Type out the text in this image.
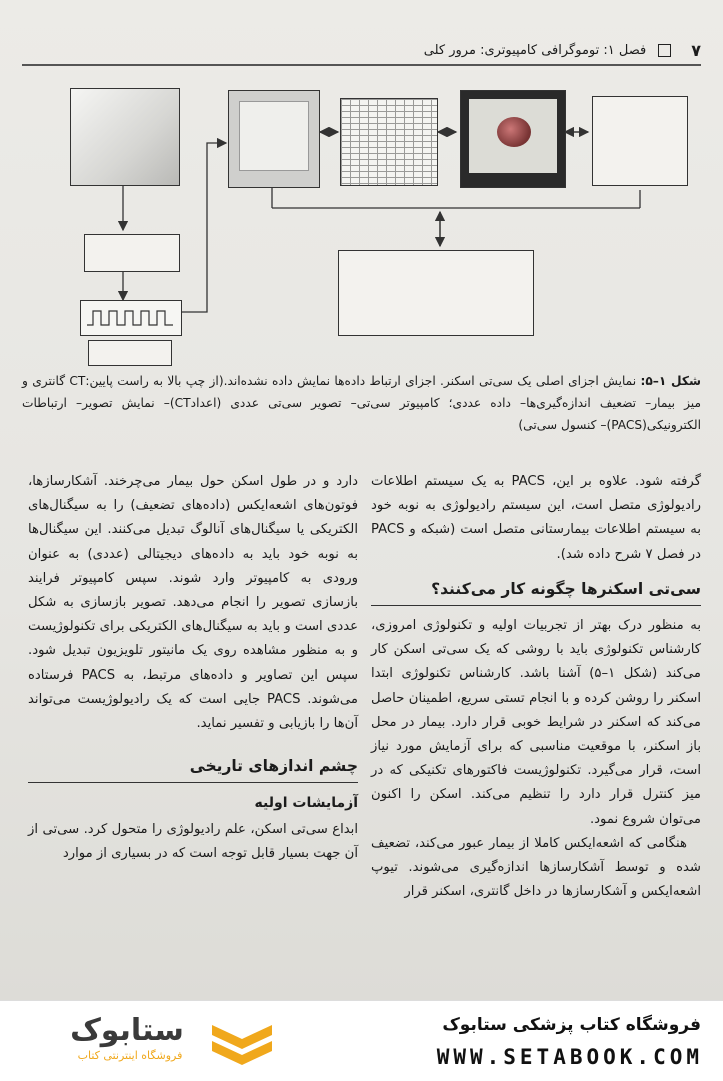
۷
فصل ۱: توموگرافی کامپیوتری: مرور کلی
شکل ۱–۵: نمایش اجزای اصلی یک سی‌تی اسکنر. اجزای ارتباط داده‌ها نمایش داده نشده‌اند.(از چپ بالا به راست پایین:CT گانتری و میز بیمار– تضعیف اندازه‌گیری‌ها– داده عددی؛ کامپیوتر سی‌تی– تصویر سی‌تی عددی (اعدادCT)– نمایش تصویر– ارتباطات الکترونیکی(PACS)– کنسول سی‌تی)

گرفته شود. علاوه بر این، PACS به یک سیستم اطلاعات رادیولوژی متصل است، این سیستم رادیولوژی به نوبه خود به سیستم اطلاعات بیمارستانی متصل است (شبکه و PACS در فصل ۷ شرح داده شد).

سی‌تی اسکنرها چگونه کار می‌کنند؟

به منظور درک بهتر از تجربیات اولیه و تکنولوژی امروزی، کارشناس تکنولوژی باید با روشی که یک سی‌تی اسکن کار می‌کند (شکل ۱–۵) آشنا باشد. کارشناس تکنولوژی ابتدا اسکنر را روشن کرده و با انجام تستی سریع، اطمینان حاصل می‌کند که اسکنر در شرایط خوبی قرار دارد. بیمار در محل باز اسکنر، با موقعیت مناسبی که برای آزمایش مورد نیاز است، قرار می‌گیرد. تکنولوژیست فاکتورهای تکنیکی که در میز کنترل قرار دارد را تنظیم می‌کند. اسکن را اکنون می‌توان شروع نمود.

هنگامی که اشعه‌ایکس کاملا از بیمار عبور می‌کند، تضعیف شده و توسط آشکارسازها اندازه‌گیری می‌شوند. تیوپ اشعه‌ایکس و آشکارسازها در داخل گانتری، اسکنر قرار

دارد و در طول اسکن حول بیمار می‌چرخند. آشکارسازها، فوتون‌های اشعه‌ایکس (داده‌های تضعیف) را به سیگنال‌های الکتریکی یا سیگنال‌های آنالوگ تبدیل می‌کنند. این سیگنال‌ها به نوبه خود باید به داده‌های دیجیتالی (عددی) به عنوان ورودی به کامپیوتر وارد شوند. سپس کامپیوتر فرایند بازسازی تصویر را انجام می‌دهد. تصویر بازسازی به شکل عددی است و باید به سیگنال‌های الکتریکی برای تکنولوژیست و به منظور مشاهده روی یک مانیتور تلویزیون تبدیل شود. سپس این تصاویر و داده‌های مرتبط، به PACS فرستاده می‌شوند. PACS جایی است که یک رادیولوژیست می‌تواند آن‌ها را بازیابی و تفسیر نماید.

چشم اندازهای تاریخی
آزمایشات اولیه

ابداع سی‌تی اسکن، علم رادیولوژی را متحول کرد. سی‌تی از آن جهت بسیار قابل توجه است که در بسیاری از موارد

ستابوک
فروشگاه اینترنتی کتاب
فروشگاه کتاب پزشکی ستابوک
WWW.SETABOOK.COM
